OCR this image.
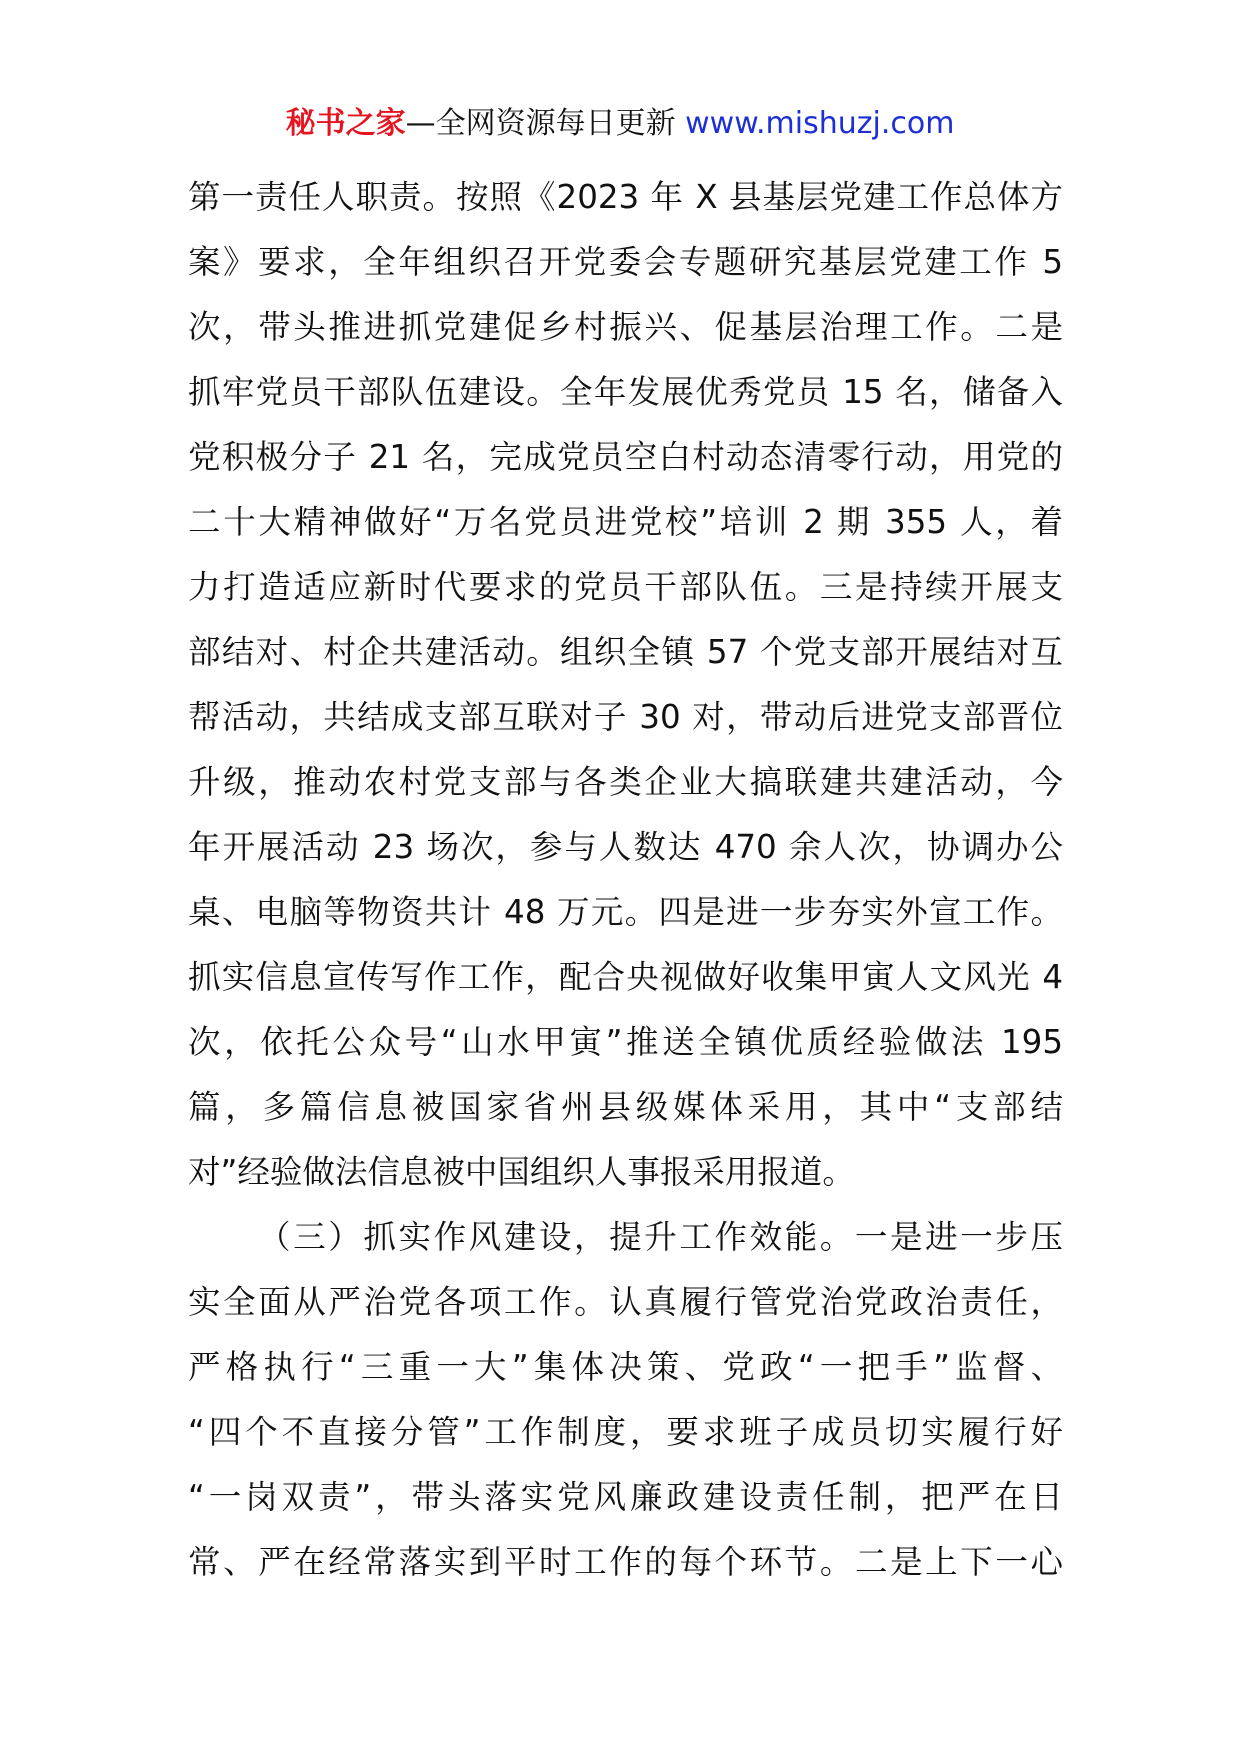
秘书之家—全网资源每日更新 www.mishuzj.com
第一责任人职责。按照《2023 年 X 县基层党建工作总体方
案》要求，全年组织召开党委会专题研究基层党建工作 5
次，带头推进抓党建促乡村振兴、促基层治理工作。二是
抓牢党员干部队伍建设。全年发展优秀党员 15 名，储备入
党积极分子 21 名，完成党员空白村动态清零行动，用党的
二十大精神做好“万名党员进党校”培训 2 期 355 人，着
力打造适应新时代要求的党员干部队伍。三是持续开展支
部结对、村企共建活动。组织全镇 57 个党支部开展结对互
帮活动，共结成支部互联对子 30 对，带动后进党支部晋位
升级，推动农村党支部与各类企业大搞联建共建活动，今
年开展活动 23 场次，参与人数达 470 余人次，协调办公
桌、电脑等物资共计 48 万元。四是进一步夯实外宣工作。
抓实信息宣传写作工作，配合央视做好收集甲寅人文风光 4
次，依托公众号“山水甲寅”推送全镇优质经验做法 195
篇，多篇信息被国家省州县级媒体采用，其中“支部结
对”经验做法信息被中国组织人事报采用报道。
（三）抓实作风建设，提升工作效能。一是进一步压
实全面从严治党各项工作。认真履行管党治党政治责任，
严格执行“三重一大”集体决策、党政“一把手”监督、
“四个不直接分管”工作制度，要求班子成员切实履行好
“一岗双责”，带头落实党风廉政建设责任制，把严在日
常、严在经常落实到平时工作的每个环节。二是上下一心
